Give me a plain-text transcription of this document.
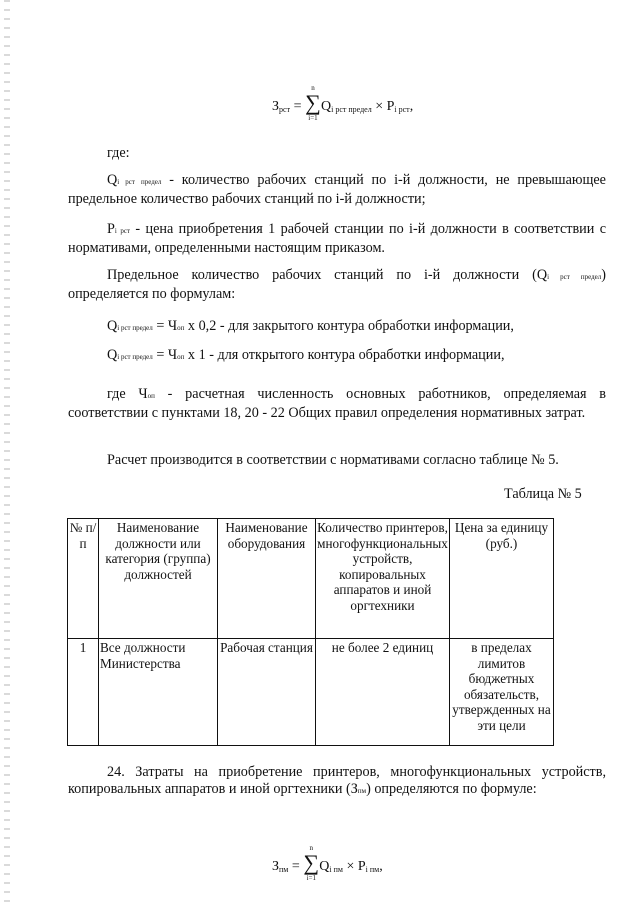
$З_{рст}$ =
n
∑
i=1
$Q_{i рст предел} \times P_{i рст}$,
где:
Qi рст предел - количество рабочих станций по i-й должности, не превышающее предельное количество рабочих станций по i-й должности;
Pi рст - цена приобретения 1 рабочей станции по i-й должности в соответствии с нормативами, определенными настоящим приказом.
Предельное количество рабочих станций по i-й должности (Qi рст предел) определяется по формулам:
Qi рст предел = Чоп x 0,2 - для закрытого контура обработки информации,
Qi рст предел = Чоп x 1 - для открытого контура обработки информации,
где Чоп - расчетная численность основных работников, определяемая в соответствии с пунктами 18, 20 - 22 Общих правил определения нормативных затрат.
Расчет производится в соответствии с нормативами согласно таблице № 5.
Таблица № 5
№ п/п	Наименование должности или категория (группа) должностей	Наименование оборудования	Количество принтеров, многофункциональных устройств, копировальных аппаратов и иной оргтехники	Цена за единицу (руб.)
1	Все должности Министерства	Рабочая станция	не более 2 единиц	в пределах лимитов бюджетных обязательств, утвержденных на эти цели
24. Затраты на приобретение принтеров, многофункциональных устройств, копировальных аппаратов и иной оргтехники (Зпм) определяются по формуле:
$З_{пм}$ =
n
∑
i=1
$Q_{i пм} \times P_{i пм}$,
